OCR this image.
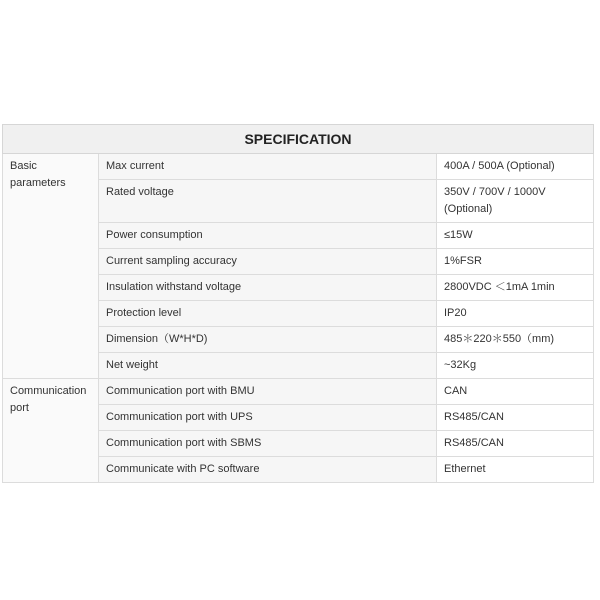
SPECIFICATION		
Basic parameters	Max current	400A / 500A (Optional)
	Rated voltage	350V / 700V / 1000V (Optional)
	Power consumption	≤15W
	Current sampling accuracy	1%FSR
	Insulation withstand voltage	2800VDC ＜1mA 1min
	Protection level	IP20
	Dimension（W*H*D)	485＊220＊550（mm)
	Net weight	~32Kg
Communication port	Communication port with BMU	CAN
	Communication port with UPS	RS485/CAN
	Communication port with SBMS	RS485/CAN
	Communicate with PC software	Ethernet
